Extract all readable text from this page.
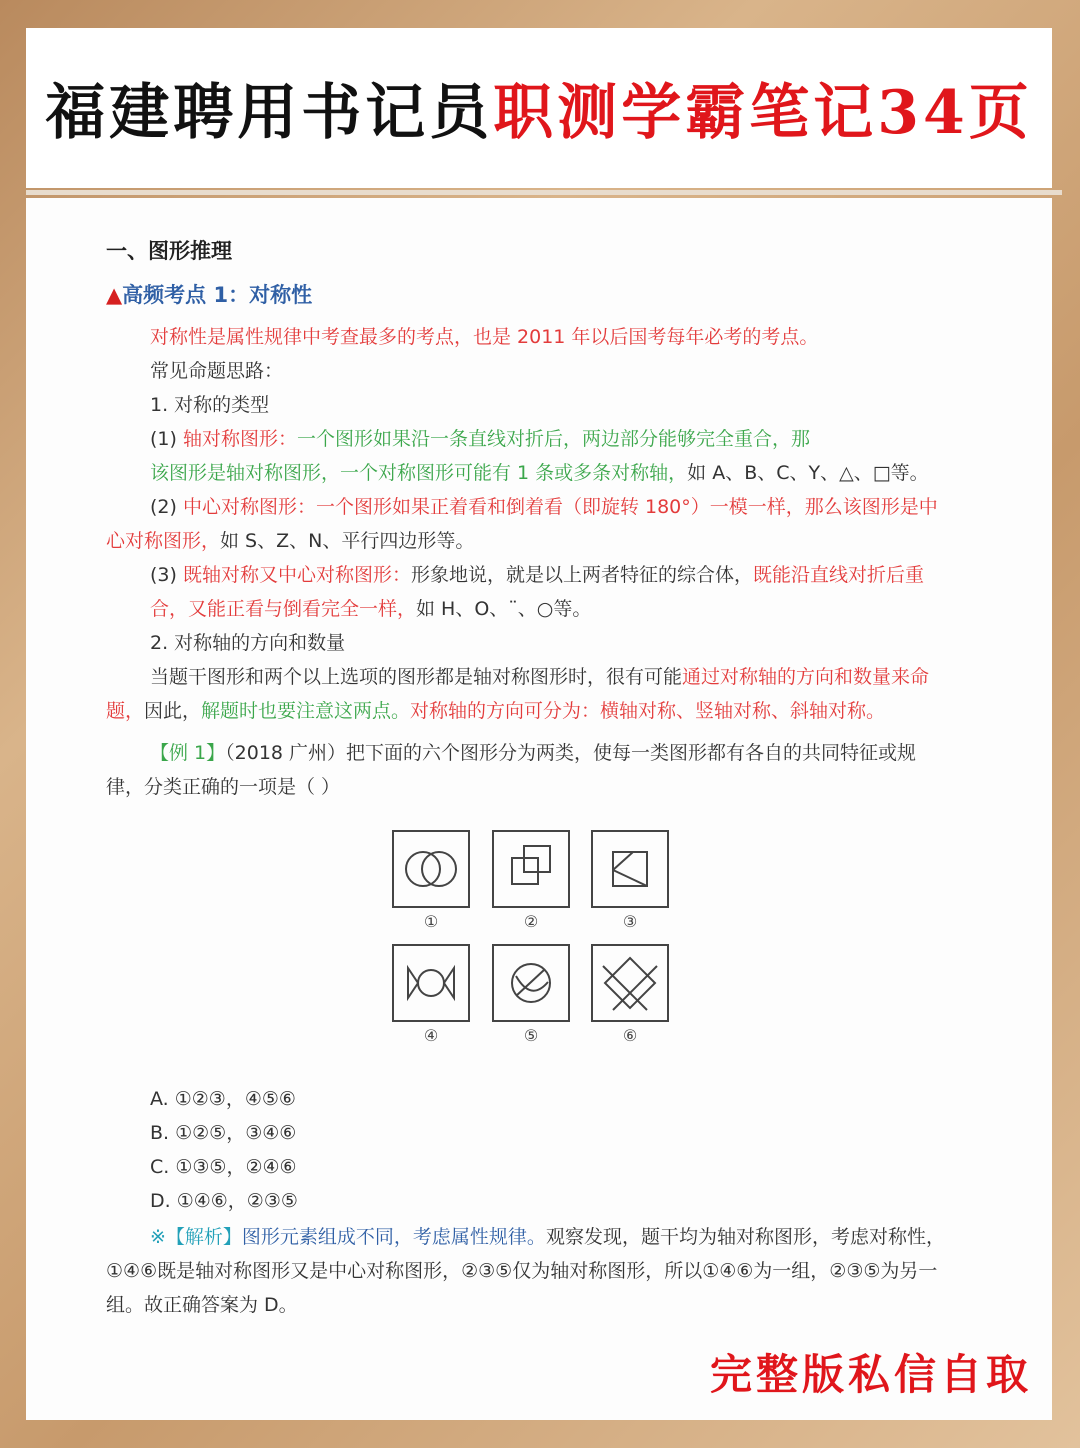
福建聘用书记员 职测学霸笔记34页
一、图形推理
▲高频考点 1：对称性

对称性是属性规律中考查最多的考点，也是 2011 年以后国考每年必考的考点。

常见命题思路：

1. 对称的类型

(1) 轴对称图形：一个图形如果沿一条直线对折后，两边部分能够完全重合，那

该图形是轴对称图形，一个对称图形可能有 1 条或多条对称轴，如 A、B、C、Y、△、□等。

(2) 中心对称图形：一个图形如果正着看和倒着看（即旋转 180°）一模一样，那么该图形是中心对称图形，如 S、Z、N、平行四边形等。

(3) 既轴对称又中心对称图形：形象地说，就是以上两者特征的综合体，既能沿直线对折后重合，又能正看与倒看完全一样，如 H、O、¨、○等。

2. 对称轴的方向和数量

当题干图形和两个以上选项的图形都是轴对称图形时，很有可能通过对称轴的方向和数量来命题，因此，解题时也要注意这两点。对称轴的方向可分为：横轴对称、竖轴对称、斜轴对称。

【例 1】（2018 广州）把下面的六个图形分为两类，使每一类图形都有各自的共同特征或规律，分类正确的一项是（ ）

①	②	③
④	⑤	⑥

A. ①②③，④⑤⑥

B. ①②⑤，③④⑥

C. ①③⑤，②④⑥

D. ①④⑥，②③⑤

※【解析】图形元素组成不同，考虑属性规律。观察发现，题干均为轴对称图形，考虑对称性，①④⑥既是轴对称图形又是中心对称图形，②③⑤仅为轴对称图形，所以①④⑥为一组，②③⑤为另一组。故正确答案为 D。

完整版私信自取
